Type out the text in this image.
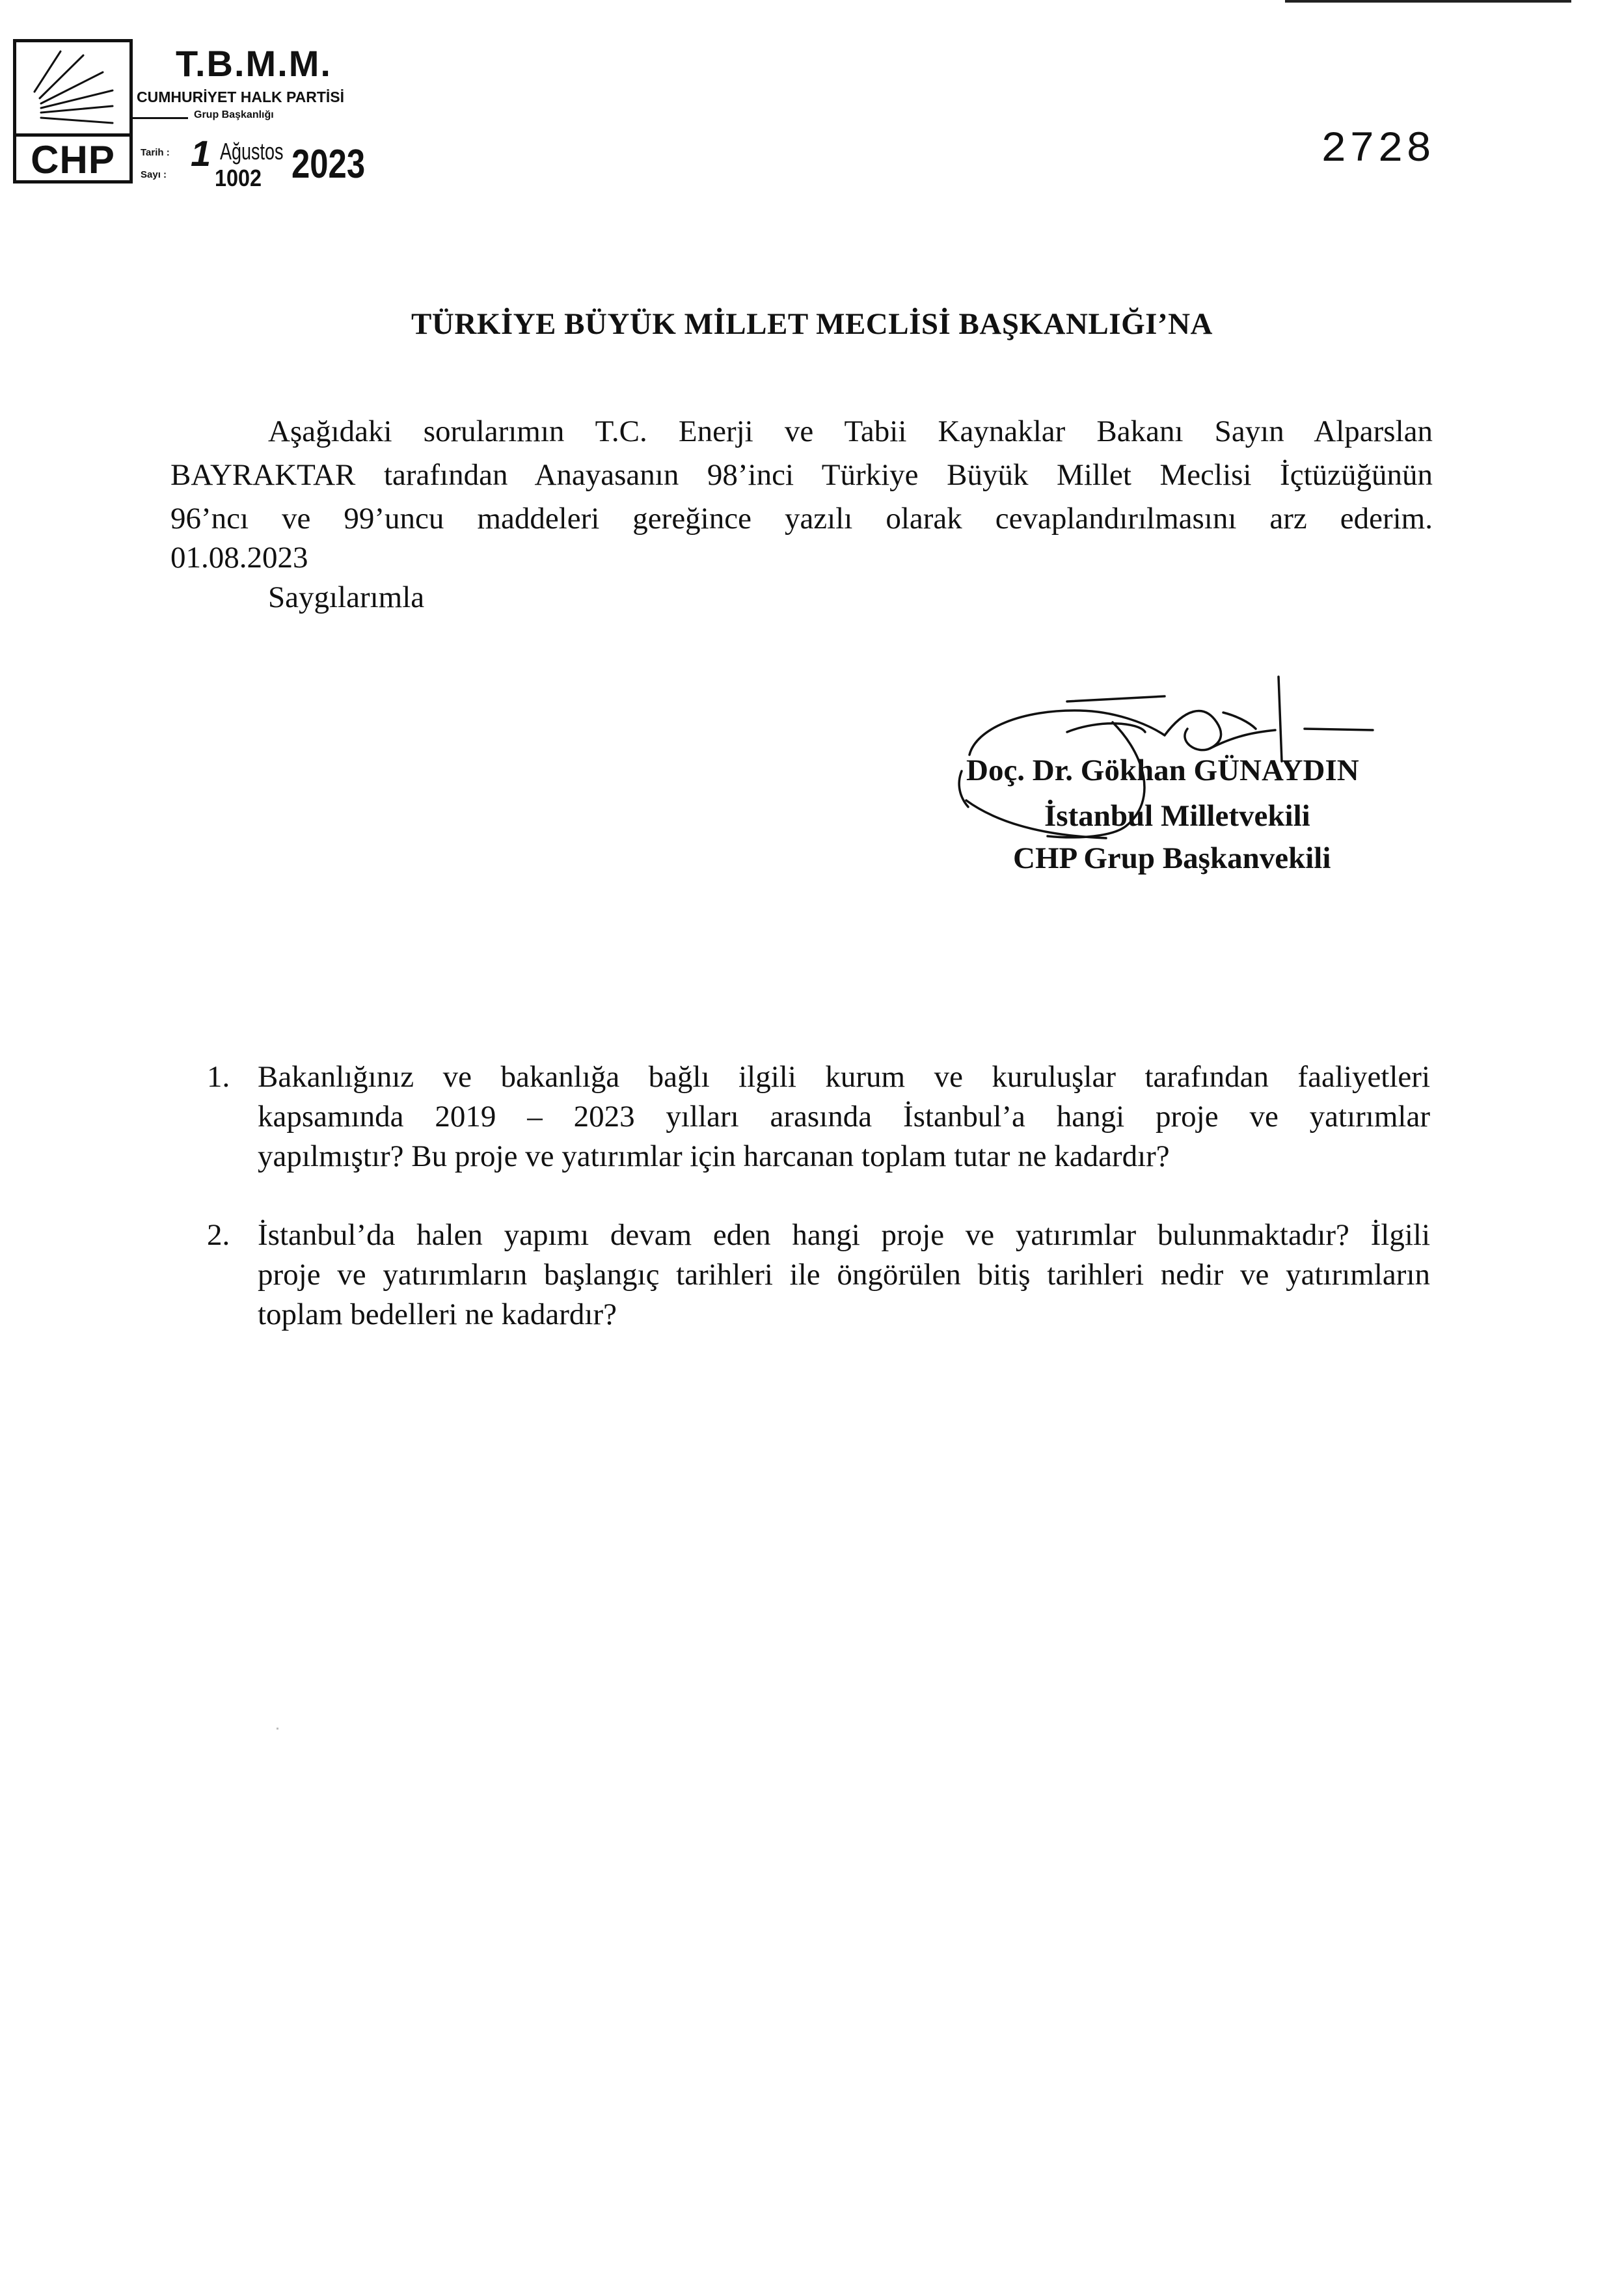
CHP
T.B.M.M.
CUMHURİYET HALK PARTİSİ
Grup Başkanlığı
Tarih :
Sayı :
1 Ağustos 2023
1002
2728
TÜRKİYE BÜYÜK MİLLET MECLİSİ BAŞKANLIĞI’NA
Aşağıdaki sorularımın T.C. Enerji ve Tabii Kaynaklar Bakanı Sayın Alparslan
BAYRAKTAR tarafından Anayasanın 98’inci Türkiye Büyük Millet Meclisi İçtüzüğünün
96’ncı ve 99’uncu maddeleri gereğince yazılı olarak cevaplandırılmasını arz ederim.
01.08.2023
Saygılarımla
Doç. Dr. Gökhan GÜNAYDIN
İstanbul Milletvekili
CHP Grup Başkanvekili
1. Bakanlığınız ve bakanlığa bağlı ilgili kurum ve kuruluşlar tarafından faaliyetleri
kapsamında 2019 – 2023 yılları arasında İstanbul’a hangi proje ve yatırımlar
yapılmıştır? Bu proje ve yatırımlar için harcanan toplam tutar ne kadardır?
2. İstanbul’da halen yapımı devam eden hangi proje ve yatırımlar bulunmaktadır? İlgili
proje ve yatırımların başlangıç tarihleri ile öngörülen bitiş tarihleri nedir ve yatırımların
toplam bedelleri ne kadardır?
